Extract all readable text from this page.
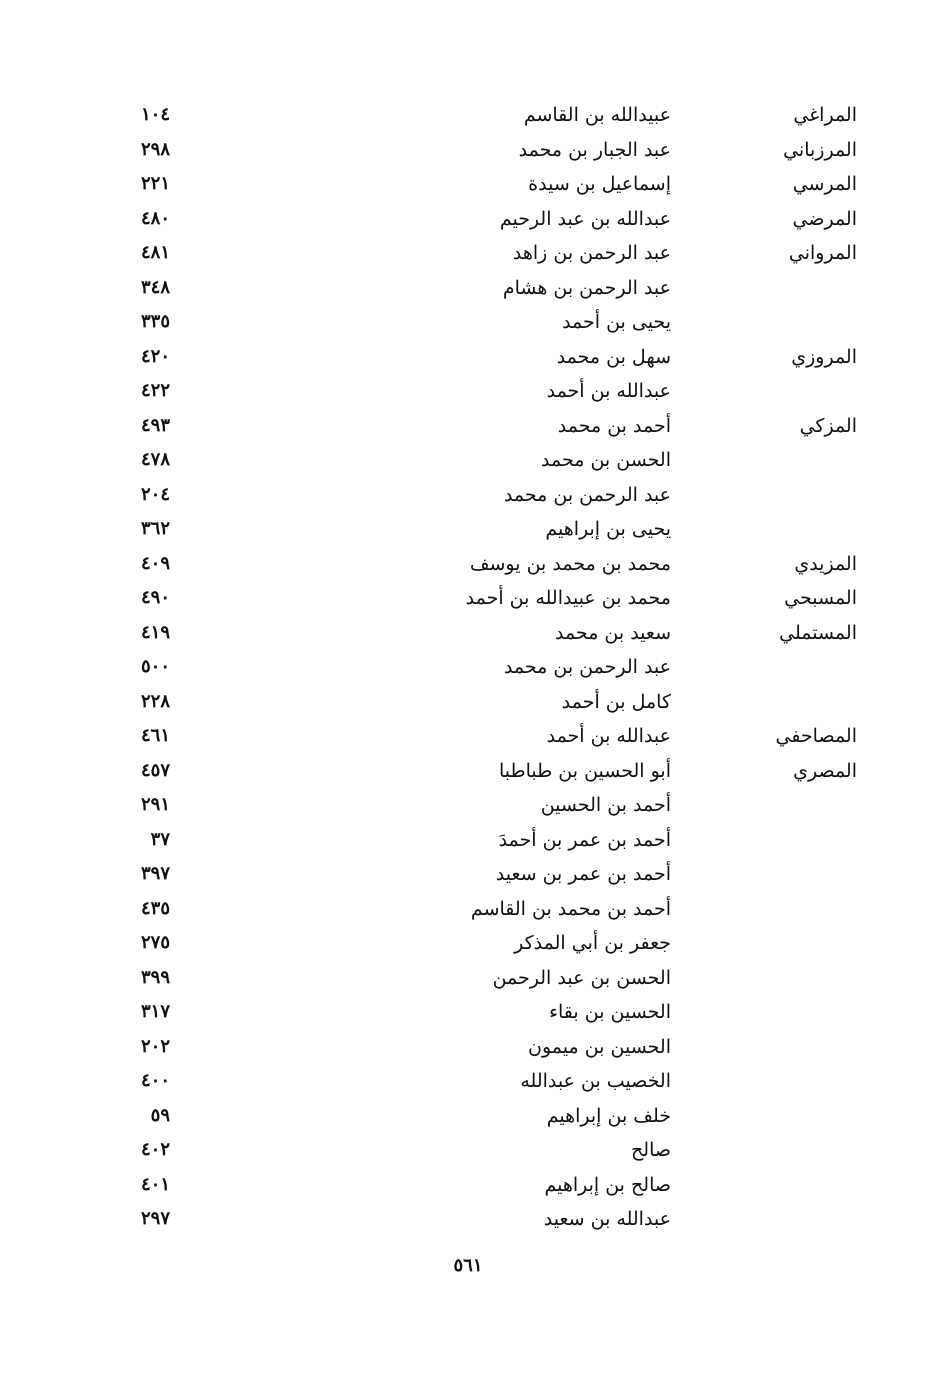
المراغي
عبيدالله بن القاسم
١٠٤
المرزباني
عبد الجبار بن محمد
٢٩٨
المرسي
إسماعيل بن سيدة
٢٢١
المرضي
عبدالله بن عبد الرحيم
٤٨٠
المرواني
عبد الرحمن بن زاهد
٤٨١
عبد الرحمن بن هشام
٣٤٨
يحيى بن أحمد
٣٣٥
المروزي
سهل بن محمد
٤٢٠
عبدالله بن أحمد
٤٢٢
المزكي
أحمد بن محمد
٤٩٣
الحسن بن محمد
٤٧٨
عبد الرحمن بن محمد
٢٠٤
يحيى بن إبراهيم
٣٦٢
المزيدي
محمد بن محمد بن يوسف
٤٠٩
المسبحي
محمد بن عبيدالله بن أحمد
٤٩٠
المستملي
سعيد بن محمد
٤١٩
عبد الرحمن بن محمد
٥٠٠
كامل بن أحمد
٢٢٨
المصاحفي
عبدالله بن أحمد
٤٦١
المصري
أبو الحسين بن طباطبا
٤٥٧
أحمد بن الحسين
٢٩١
أحمد بن عمر بن أحمدَ
٣٧
أحمد بن عمر بن سعيد
٣٩٧
أحمد بن محمد بن القاسم
٤٣٥
جعفر بن أبي المذكر
٢٧٥
الحسن بن عبد الرحمن
٣٩٩
الحسين بن بقاء
٣١٧
الحسين بن ميمون
٢٠٢
الخصيب بن عبدالله
٤٠٠
خلف بن إبراهيم
٥٩
صالح
٤٠٢
صالح بن إبراهيم
٤٠١
عبدالله بن سعيد
٢٩٧
٥٦١
